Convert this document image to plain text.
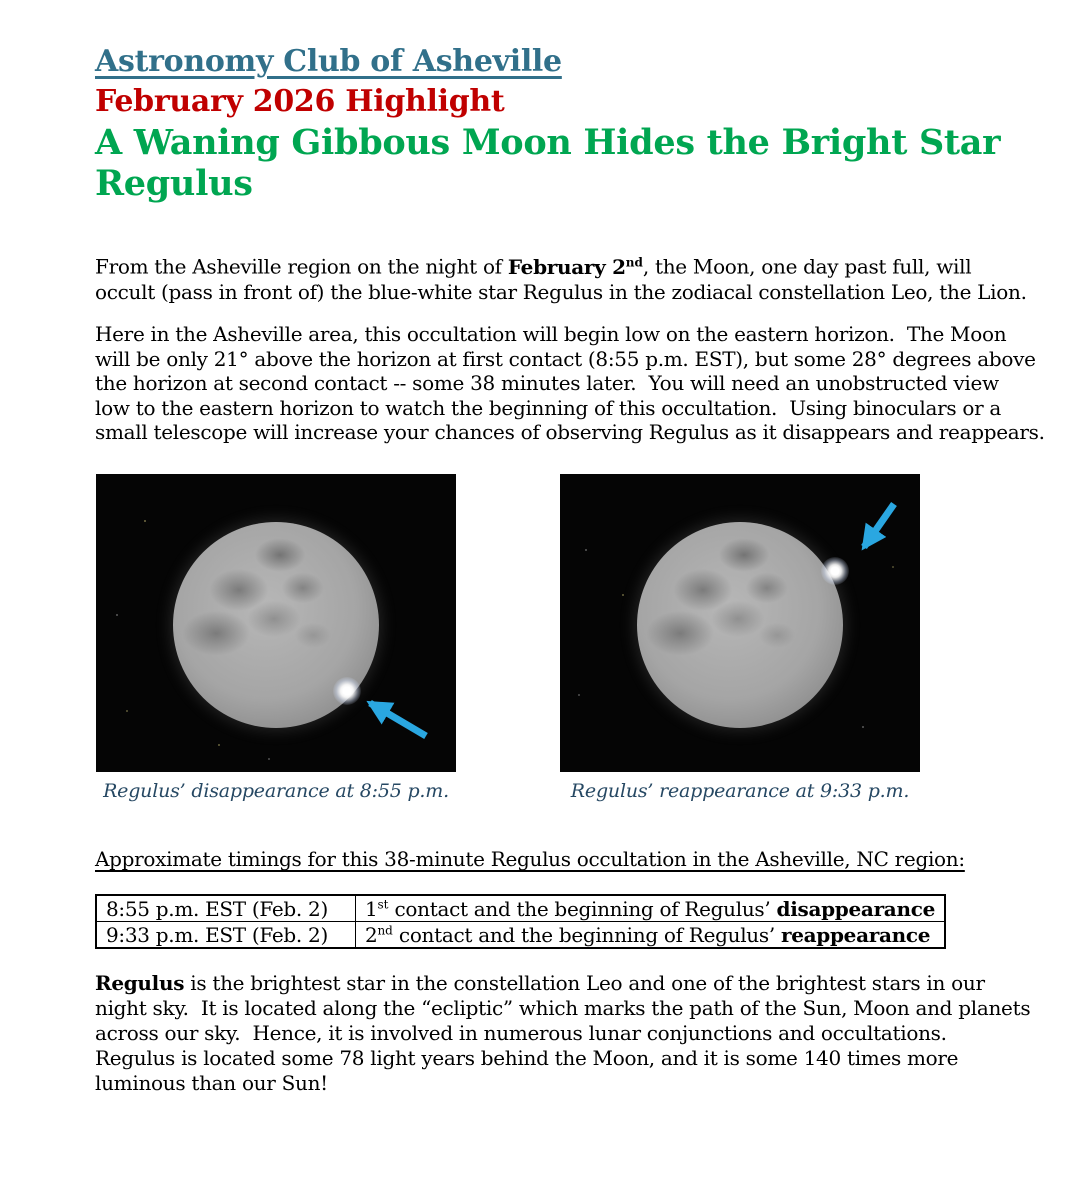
Astronomy Club of Asheville
February 2026 Highlight
A Waning Gibbous Moon Hides the Bright Star
Regulus
From the Asheville region on the night of February 2nd, the Moon, one day past full, will
occult (pass in front of) the blue-white star Regulus in the zodiacal constellation Leo, the Lion.
Here in the Asheville area, this occultation will begin low on the eastern horizon.  The Moon
will be only 21° above the horizon at first contact (8:55 p.m. EST), but some 28° degrees above
the horizon at second contact -- some 38 minutes later.  You will need an unobstructed view
low to the eastern horizon to watch the beginning of this occultation.  Using binoculars or a
small telescope will increase your chances of observing Regulus as it disappears and reappears.
Regulus’ disappearance at 8:55 p.m.	Regulus’ reappearance at 9:33 p.m.
Approximate timings for this 38-minute Regulus occultation in the Asheville, NC region:
8:55 p.m. EST (Feb. 2)	1st contact and the beginning of Regulus’ disappearance
9:33 p.m. EST (Feb. 2)	2nd contact and the beginning of Regulus’ reappearance
Regulus is the brightest star in the constellation Leo and one of the brightest stars in our
night sky.  It is located along the “ecliptic” which marks the path of the Sun, Moon and planets
across our sky.  Hence, it is involved in numerous lunar conjunctions and occultations.
Regulus is located some 78 light years behind the Moon, and it is some 140 times more
luminous than our Sun!
